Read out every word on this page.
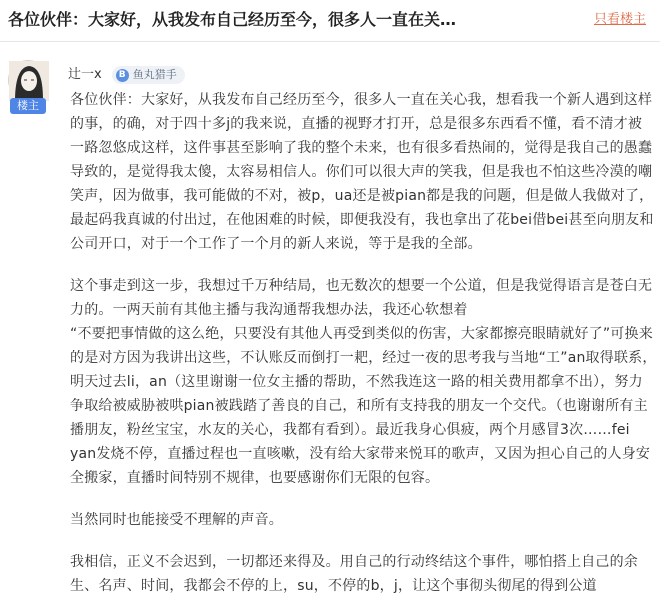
各位伙伴：大家好，从我发布自己经历至今，很多人一直在关…	只看楼主
楼主
辻一x	B 鱼丸猎手
各位伙伴：大家好，从我发布自己经历至今，很多人一直在关心我，想看我一个新人遇到这样
的事，的确，对于四十多j的我来说，直播的视野才打开，总是很多东西看不懂，看不清才被
一路忽悠成这样，这件事甚至影响了我的整个未来，也有很多看热闹的，觉得是我自己的愚蠢
导致的，是觉得我太傻，太容易相信人。你们可以很大声的笑我，但是我也不怕这些冷漠的嘲
笑声，因为做事，我可能做的不对，被p，ua还是被pian都是我的问题，但是做人我做对了，
最起码我真诚的付出过，在他困难的时候，即便我没有，我也拿出了花bei借bei甚至向朋友和
公司开口，对于一个工作了一个月的新人来说，等于是我的全部。
这个事走到这一步，我想过千万种结局，也无数次的想要一个公道，但是我觉得语言是苍白无
力的。一两天前有其他主播与我沟通帮我想办法，我还心软想着
“不要把事情做的这么绝，只要没有其他人再受到类似的伤害，大家都擦亮眼睛就好了”可换来
的是对方因为我讲出这些，不认账反而倒打一耙，经过一夜的思考我与当地“工”an取得联系，
明天过去li，an（这里谢谢一位女主播的帮助，不然我连这一路的相关费用都拿不出），努力
争取给被威胁被哄pian被践踏了善良的自己，和所有支持我的朋友一个交代。（也谢谢所有主
播朋友，粉丝宝宝，水友的关心，我都有看到）。最近我身心俱疲，两个月感冒3次……fei
yan发烧不停，直播过程也一直咳嗽，没有给大家带来悦耳的歌声，又因为担心自己的人身安
全搬家，直播时间特别不规律，也要感谢你们无限的包容。
当然同时也能接受不理解的声音。
我相信，正义不会迟到，一切都还来得及。用自己的行动终结这个事件，哪怕搭上自己的余
生、名声、时间，我都会不停的上，su，不停的b，j，让这个事彻头彻尾的得到公道
